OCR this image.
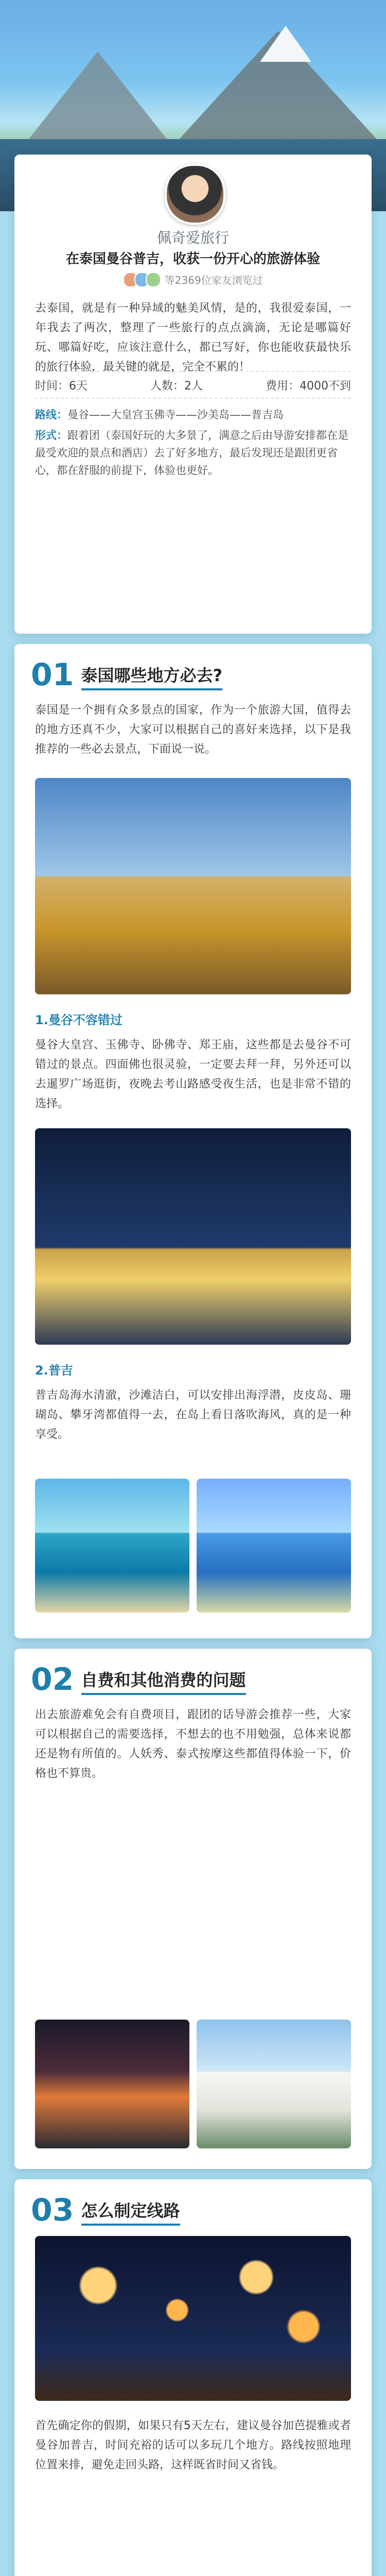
佩奇爱旅行
在泰国曼谷普吉，收获一份开心的旅游体验
等2369位家友浏览过
去泰国，就是有一种异域的魅美风情，是的，我很爱泰国，一年我去了两次，整理了一些旅行的点点滴滴，无论是哪篇好玩、哪篇好吃，应该注意什么，都已写好，你也能收获最快乐的旅行体验，最关键的就是，完全不累的！
时间：6天	人数：2人	费用：4000不到
路线：曼谷——大皇宫玉佛寺——沙美岛——普吉岛
形式：跟着团（泰国好玩的大多景了，满意之后由导游安排都在是最受欢迎的景点和酒店）去了好多地方，最后发现还是跟团更省心，都在舒服的前提下，体验也更好。
01 泰国哪些地方必去?
泰国是一个拥有众多景点的国家，作为一个旅游大国，值得去的地方还真不少，大家可以根据自己的喜好来选择，以下是我推荐的一些必去景点，下面说一说。
1.曼谷不容错过
曼谷大皇宫、玉佛寺、卧佛寺、郑王庙，这些都是去曼谷不可错过的景点。四面佛也很灵验，一定要去拜一拜，另外还可以去暹罗广场逛街，夜晚去考山路感受夜生活，也是非常不错的选择。
2.普吉
普吉岛海水清澈，沙滩洁白，可以安排出海浮潜，皮皮岛、珊瑚岛、攀牙湾都值得一去，在岛上看日落吹海风，真的是一种享受。
02 自费和其他消费的问题
出去旅游难免会有自费项目，跟团的话导游会推荐一些，大家可以根据自己的需要选择，不想去的也不用勉强，总体来说都还是物有所值的。人妖秀、泰式按摩这些都值得体验一下，价格也不算贵。
03 怎么制定线路
首先确定你的假期，如果只有5天左右，建议曼谷加芭提雅或者曼谷加普吉，时间充裕的话可以多玩几个地方。路线按照地理位置来排，避免走回头路，这样既省时间又省钱。
